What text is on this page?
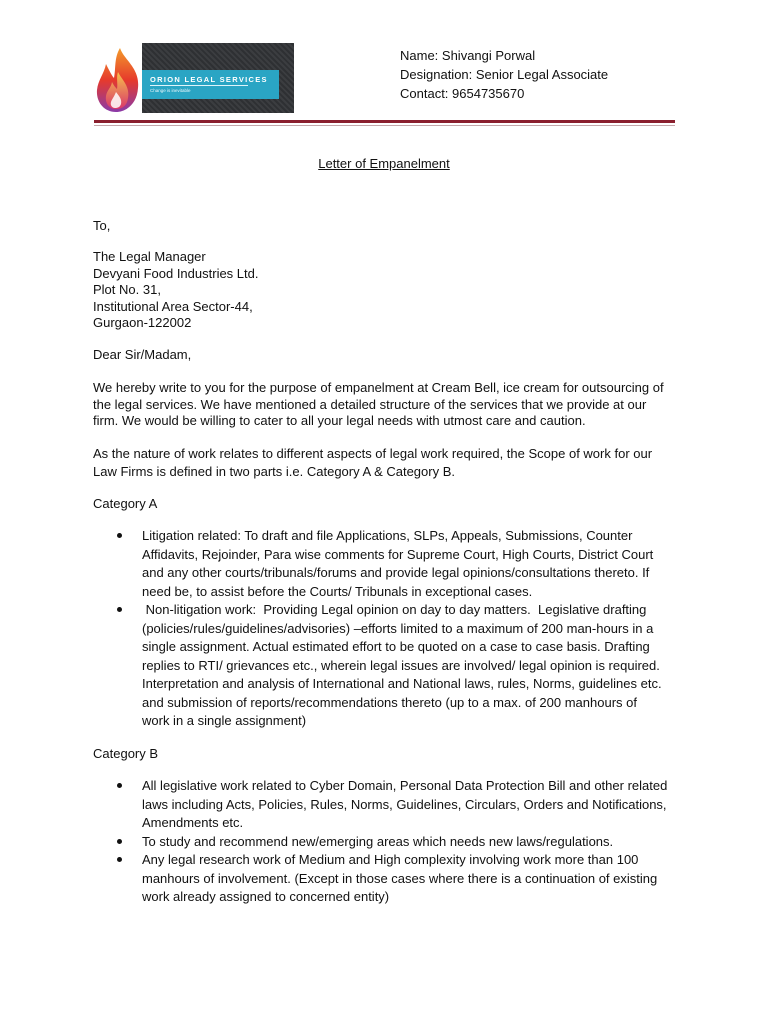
ORION LEGAL SERVICES
Change is inevitable
Name: Shivangi Porwal
Designation: Senior Legal Associate
Contact: 9654735670
Letter of Empanelment
To,
The Legal Manager
Devyani Food Industries Ltd.
Plot No. 31,
Institutional Area Sector-44,
Gurgaon-122002
Dear Sir/Madam,
We hereby write to you for the purpose of empanelment at Cream Bell, ice cream for outsourcing of
the legal services. We have mentioned a detailed structure of the services that we provide at our
firm. We would be willing to cater to all your legal needs with utmost care and caution.
As the nature of work relates to different aspects of legal work required, the Scope of work for our
Law Firms is defined in two parts i.e. Category A & Category B.
Category A
Litigation related: To draft and file Applications, SLPs, Appeals, Submissions, Counter
Affidavits, Rejoinder, Para wise comments for Supreme Court, High Courts, District Court
and any other courts/tribunals/forums and provide legal opinions/consultations thereto. If
need be, to assist before the Courts/ Tribunals in exceptional cases.
Non-litigation work:  Providing Legal opinion on day to day matters.  Legislative drafting
(policies/rules/guidelines/advisories) –efforts limited to a maximum of 200 man-hours in a
single assignment. Actual estimated effort to be quoted on a case to case basis. Drafting
replies to RTI/ grievances etc., wherein legal issues are involved/ legal opinion is required.
Interpretation and analysis of International and National laws, rules, Norms, guidelines etc.
and submission of reports/recommendations thereto (up to a max. of 200 manhours of
work in a single assignment)
Category B
All legislative work related to Cyber Domain, Personal Data Protection Bill and other related
laws including Acts, Policies, Rules, Norms, Guidelines, Circulars, Orders and Notifications,
Amendments etc.
To study and recommend new/emerging areas which needs new laws/regulations.
Any legal research work of Medium and High complexity involving work more than 100
manhours of involvement. (Except in those cases where there is a continuation of existing
work already assigned to concerned entity)
